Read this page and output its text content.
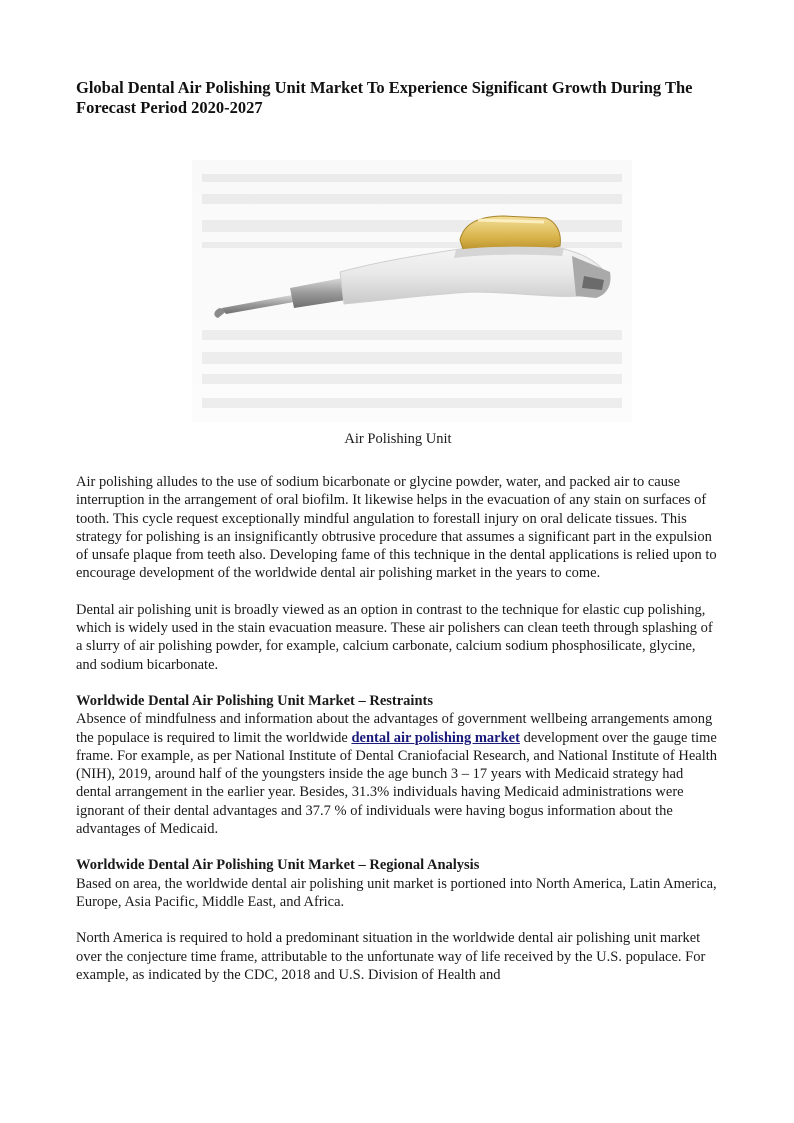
Global Dental Air Polishing Unit Market To Experience Significant Growth During The Forecast Period 2020-2027
Air Polishing Unit

Air polishing alludes to the use of sodium bicarbonate or glycine powder, water, and packed air to cause interruption in the arrangement of oral biofilm. It likewise helps in the evacuation of any stain on surfaces of tooth. This cycle request exceptionally mindful angulation to forestall injury on oral delicate tissues. This strategy for polishing is an insignificantly obtrusive procedure that assumes a significant part in the expulsion of unsafe plaque from teeth also. Developing fame of this technique in the dental applications is relied upon to encourage development of the worldwide dental air polishing market in the years to come.

Dental air polishing unit is broadly viewed as an option in contrast to the technique for elastic cup polishing, which is widely used in the stain evacuation measure. These air polishers can clean teeth through splashing of a slurry of air polishing powder, for example, calcium carbonate, calcium sodium phosphosilicate, glycine, and sodium bicarbonate.

Worldwide Dental Air Polishing Unit Market – Restraints

Absence of mindfulness and information about the advantages of government wellbeing arrangements among the populace is required to limit the worldwide dental air polishing market development over the gauge time frame. For example, as per National Institute of Dental Craniofacial Research, and National Institute of Health (NIH), 2019, around half of the youngsters inside the age bunch 3 – 17 years with Medicaid strategy had dental arrangement in the earlier year. Besides, 31.3% individuals having Medicaid administrations were ignorant of their dental advantages and 37.7 % of individuals were having bogus information about the advantages of Medicaid.

Worldwide Dental Air Polishing Unit Market – Regional Analysis

Based on area, the worldwide dental air polishing unit market is portioned into North America, Latin America, Europe, Asia Pacific, Middle East, and Africa.

North America is required to hold a predominant situation in the worldwide dental air polishing unit market over the conjecture time frame, attributable to the unfortunate way of life received by the U.S. populace. For example, as indicated by the CDC, 2018 and U.S. Division of Health and
